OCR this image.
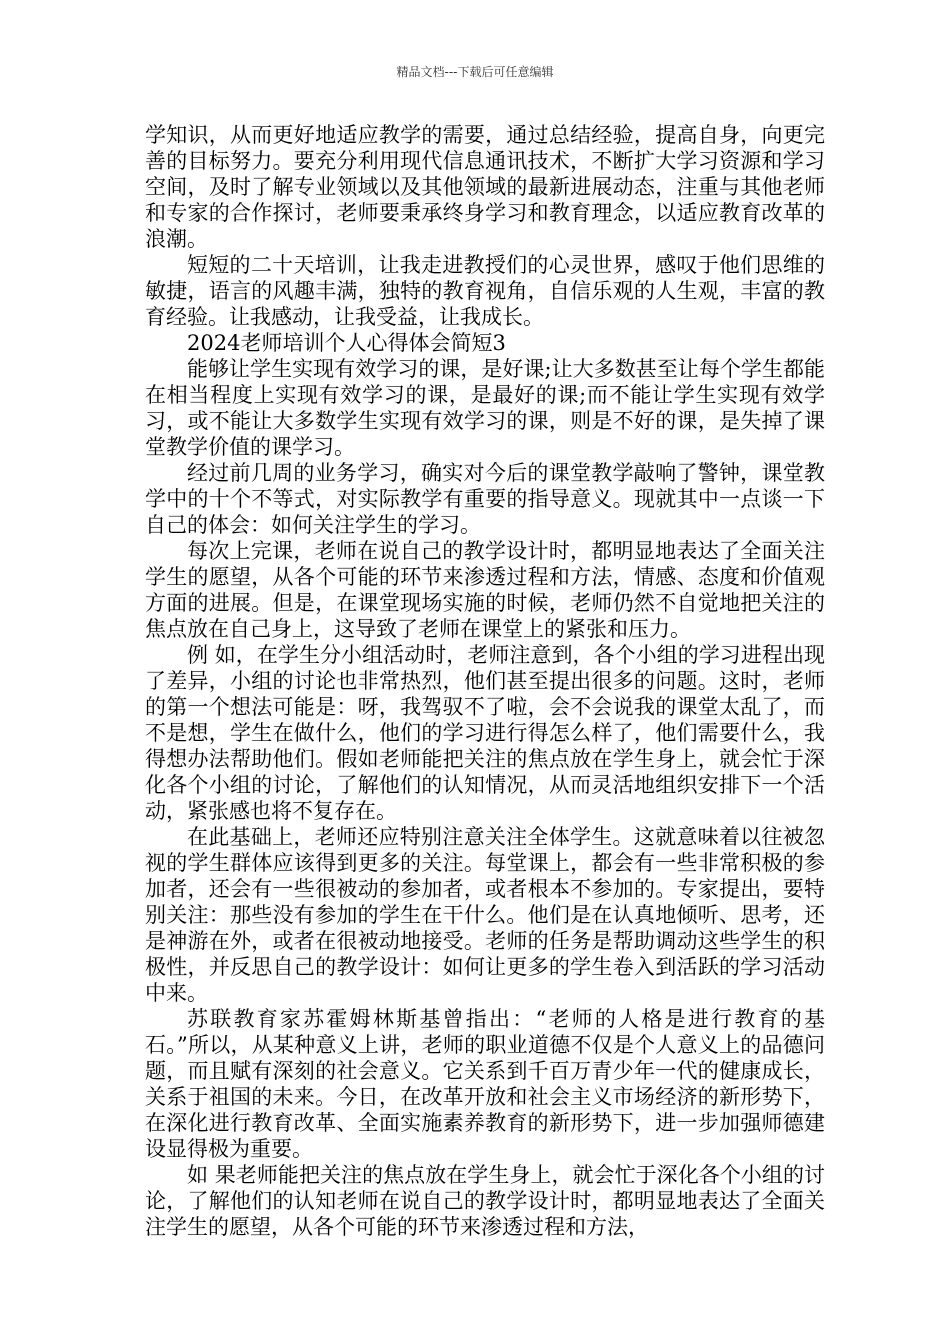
精品文档---下载后可任意编辑

学知识，从而更好地适应教学的需要，通过总结经验，提高自身，向更完善的目标努力。要充分利用现代信息通讯技术，不断扩大学习资源和学习空间，及时了解专业领域以及其他领域的最新进展动态，注重与其他老师和专家的合作探讨，老师要秉承终身学习和教育理念，以适应教育改革的浪潮。

短短的二十天培训，让我走进教授们的心灵世界，感叹于他们思维的敏捷，语言的风趣丰满，独特的教育视角，自信乐观的人生观，丰富的教育经验。让我感动，让我受益，让我成长。

2024老师培训个人心得体会简短3

能够让学生实现有效学习的课，是好课;让大多数甚至让每个学生都能在相当程度上实现有效学习的课，是最好的课;而不能让学生实现有效学习，或不能让大多数学生实现有效学习的课，则是不好的课，是失掉了课堂教学价值的课学习。

经过前几周的业务学习，确实对今后的课堂教学敲响了警钟，课堂教学中的十个不等式，对实际教学有重要的指导意义。现就其中一点谈一下自己的体会：如何关注学生的学习。

每次上完课，老师在说自己的教学设计时，都明显地表达了全面关注学生的愿望，从各个可能的环节来渗透过程和方法，情感、态度和价值观方面的进展。但是，在课堂现场实施的时候，老师仍然不自觉地把关注的焦点放在自己身上，这导致了老师在课堂上的紧张和压力。

例 如，在学生分小组活动时，老师注意到，各个小组的学习进程出现了差异，小组的讨论也非常热烈，他们甚至提出很多的问题。这时，老师的第一个想法可能是：呀，我驾驭不了啦，会不会说我的课堂太乱了，而不是想，学生在做什么，他们的学习进行得怎么样了，他们需要什么，我得想办法帮助他们。假如老师能把关注的焦点放在学生身上，就会忙于深化各个小组的讨论，了解他们的认知情况，从而灵活地组织安排下一个活动，紧张感也将不复存在。

在此基础上，老师还应特别注意关注全体学生。这就意味着以往被忽视的学生群体应该得到更多的关注。每堂课上，都会有一些非常积极的参加者，还会有一些很被动的参加者，或者根本不参加的。专家提出，要特别关注：那些没有参加的学生在干什么。他们是在认真地倾听、思考，还是神游在外，或者在很被动地接受。老师的任务是帮助调动这些学生的积极性，并反思自己的教学设计：如何让更多的学生卷入到活跃的学习活动中来。

苏联教育家苏霍姆林斯基曾指出：“老师的人格是进行教育的基石。”所以，从某种意义上讲，老师的职业道德不仅是个人意义上的品德问题，而且赋有深刻的社会意义。它关系到千百万青少年一代的健康成长，关系于祖国的未来。今日，在改革开放和社会主义市场经济的新形势下，在深化进行教育改革、全面实施素养教育的新形势下，进一步加强师德建设显得极为重要。

如 果老师能把关注的焦点放在学生身上，就会忙于深化各个小组的讨论，了解他们的认知老师在说自己的教学设计时，都明显地表达了全面关注学生的愿望，从各个可能的环节来渗透过程和方法，
